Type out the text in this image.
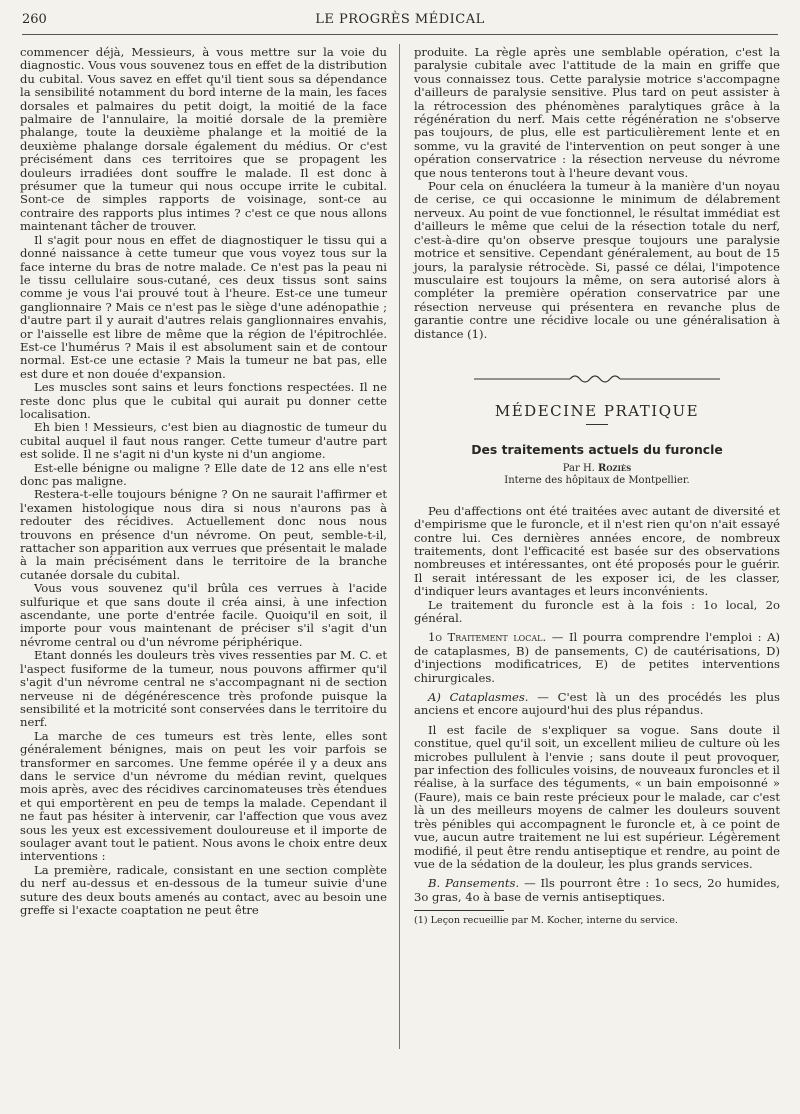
260	LE PROGRÈS MÉDICAL

commencer déjà, Messieurs, à vous mettre sur la voie du diagnostic. Vous vous souvenez tous en effet de la distribution du cubital. Vous savez en effet qu'il tient sous sa dépendance la sensibilité notamment du bord interne de la main, les faces dorsales et palmaires du petit doigt, la moitié de la face palmaire de l'annulaire, la moitié dorsale de la première phalange, toute la deuxième phalange et la moitié de la deuxième phalange dorsale également du médius. Or c'est précisément dans ces territoires que se propagent les douleurs irradiées dont souffre le malade. Il est donc à présumer que la tumeur qui nous occupe irrite le cubital. Sont-ce de simples rapports de voisinage, sont-ce au contraire des rapports plus intimes ? c'est ce que nous allons maintenant tâcher de trouver.

Il s'agit pour nous en effet de diagnostiquer le tissu qui a donné naissance à cette tumeur que vous voyez tous sur la face interne du bras de notre malade. Ce n'est pas la peau ni le tissu cellulaire sous-cutané, ces deux tissus sont sains comme je vous l'ai prouvé tout à l'heure. Est-ce une tumeur ganglionnaire ? Mais ce n'est pas le siège d'une adénopathie ; d'autre part il y aurait d'autres relais ganglionnaires envahis, or l'aisselle est libre de même que la région de l'épitrochlée. Est-ce l'humérus ? Mais il est absolument sain et de contour normal. Est-ce une ectasie ? Mais la tumeur ne bat pas, elle est dure et non douée d'expansion.

Les muscles sont sains et leurs fonctions respectées. Il ne reste donc plus que le cubital qui aurait pu donner cette localisation.

Eh bien ! Messieurs, c'est bien au diagnostic de tumeur du cubital auquel il faut nous ranger. Cette tumeur d'autre part est solide. Il ne s'agit ni d'un kyste ni d'un angiome.

Est-elle bénigne ou maligne ? Elle date de 12 ans elle n'est donc pas maligne.

Restera-t-elle toujours bénigne ? On ne saurait l'affirmer et l'examen histologique nous dira si nous n'aurons pas à redouter des récidives. Actuellement donc nous nous trouvons en présence d'un névrome. On peut, semble-t-il, rattacher son apparition aux verrues que présentait le malade à la main précisément dans le territoire de la branche cutanée dorsale du cubital.

Vous vous souvenez qu'il brûla ces verrues à l'acide sulfurique et que sans doute il créa ainsi, à une infection ascendante, une porte d'entrée facile. Quoiqu'il en soit, il importe pour vous maintenant de préciser s'il s'agit d'un névrome central ou d'un névrome périphérique.

Etant donnés les douleurs très vives ressenties par M. C. et l'aspect fusiforme de la tumeur, nous pouvons affirmer qu'il s'agit d'un névrome central ne s'accompagnant ni de section nerveuse ni de dégénérescence très profonde puisque la sensibilité et la motricité sont conservées dans le territoire du nerf.

La marche de ces tumeurs est très lente, elles sont généralement bénignes, mais on peut les voir parfois se transformer en sarcomes. Une femme opérée il y a deux ans dans le service d'un névrome du médian revint, quelques mois après, avec des récidives carcinomateuses très étendues et qui emportèrent en peu de temps la malade. Cependant il ne faut pas hésiter à intervenir, car l'affection que vous avez sous les yeux est excessivement douloureuse et il importe de soulager avant tout le patient. Nous avons le choix entre deux interventions :

La première, radicale, consistant en une section complète du nerf au-dessus et en-dessous de la tumeur suivie d'une suture des deux bouts amenés au contact, avec au besoin une greffe si l'exacte coaptation ne peut être

produite. La règle après une semblable opération, c'est la paralysie cubitale avec l'attitude de la main en griffe que vous connaissez tous. Cette paralysie motrice s'accompagne d'ailleurs de paralysie sensitive. Plus tard on peut assister à la rétrocession des phénomènes paralytiques grâce à la régénération du nerf. Mais cette régénération ne s'observe pas toujours, de plus, elle est particulièrement lente et en somme, vu la gravité de l'intervention on peut songer à une opération conservatrice : la résection nerveuse du névrome que nous tenterons tout à l'heure devant vous.

Pour cela on énucléera la tumeur à la manière d'un noyau de cerise, ce qui occasionne le minimum de délabrement nerveux. Au point de vue fonctionnel, le résultat immédiat est d'ailleurs le même que celui de la résection totale du nerf, c'est-à-dire qu'on observe presque toujours une paralysie motrice et sensitive. Cependant généralement, au bout de 15 jours, la paralysie rétrocède. Si, passé ce délai, l'impotence musculaire est toujours la même, on sera autorisé alors à compléter la première opération conservatrice par une résection nerveuse qui présentera en revanche plus de garantie contre une récidive locale ou une généralisation à distance (1).

MÉDECINE PRATIQUE
Des traitements actuels du furoncle
Par H. Roziès
Interne des hôpitaux de Montpellier.

Peu d'affections ont été traitées avec autant de diversité et d'empirisme que le furoncle, et il n'est rien qu'on n'ait essayé contre lui. Ces dernières années encore, de nombreux traitements, dont l'efficacité est basée sur des observations nombreuses et intéressantes, ont été proposés pour le guérir. Il serait intéressant de les exposer ici, de les classer, d'indiquer leurs avantages et leurs inconvénients.

Le traitement du furoncle est à la fois : 1o local, 2o général.

1o Traitement local. — Il pourra comprendre l'emploi : A) de cataplasmes, B) de pansements, C) de cautérisations, D) d'injections modificatrices, E) de petites interventions chirurgicales.

A) Cataplasmes. — C'est là un des procédés les plus anciens et encore aujourd'hui des plus répandus.

Il est facile de s'expliquer sa vogue. Sans doute il constitue, quel qu'il soit, un excellent milieu de culture où les microbes pullulent à l'envie ; sans doute il peut provoquer, par infection des follicules voisins, de nouveaux furoncles et il réalise, à la surface des téguments, « un bain empoisonné » (Faure), mais ce bain reste précieux pour le malade, car c'est là un des meilleurs moyens de calmer les douleurs souvent très pénibles qui accompagnent le furoncle et, à ce point de vue, aucun autre traitement ne lui est supérieur. Légèrement modifié, il peut être rendu antiseptique et rendre, au point de vue de la sédation de la douleur, les plus grands services.

B. Pansements. — Ils pourront être : 1o secs, 2o humides, 3o gras, 4o à base de vernis antiseptiques.

(1) Leçon recueillie par M. Kocher, interne du service.
